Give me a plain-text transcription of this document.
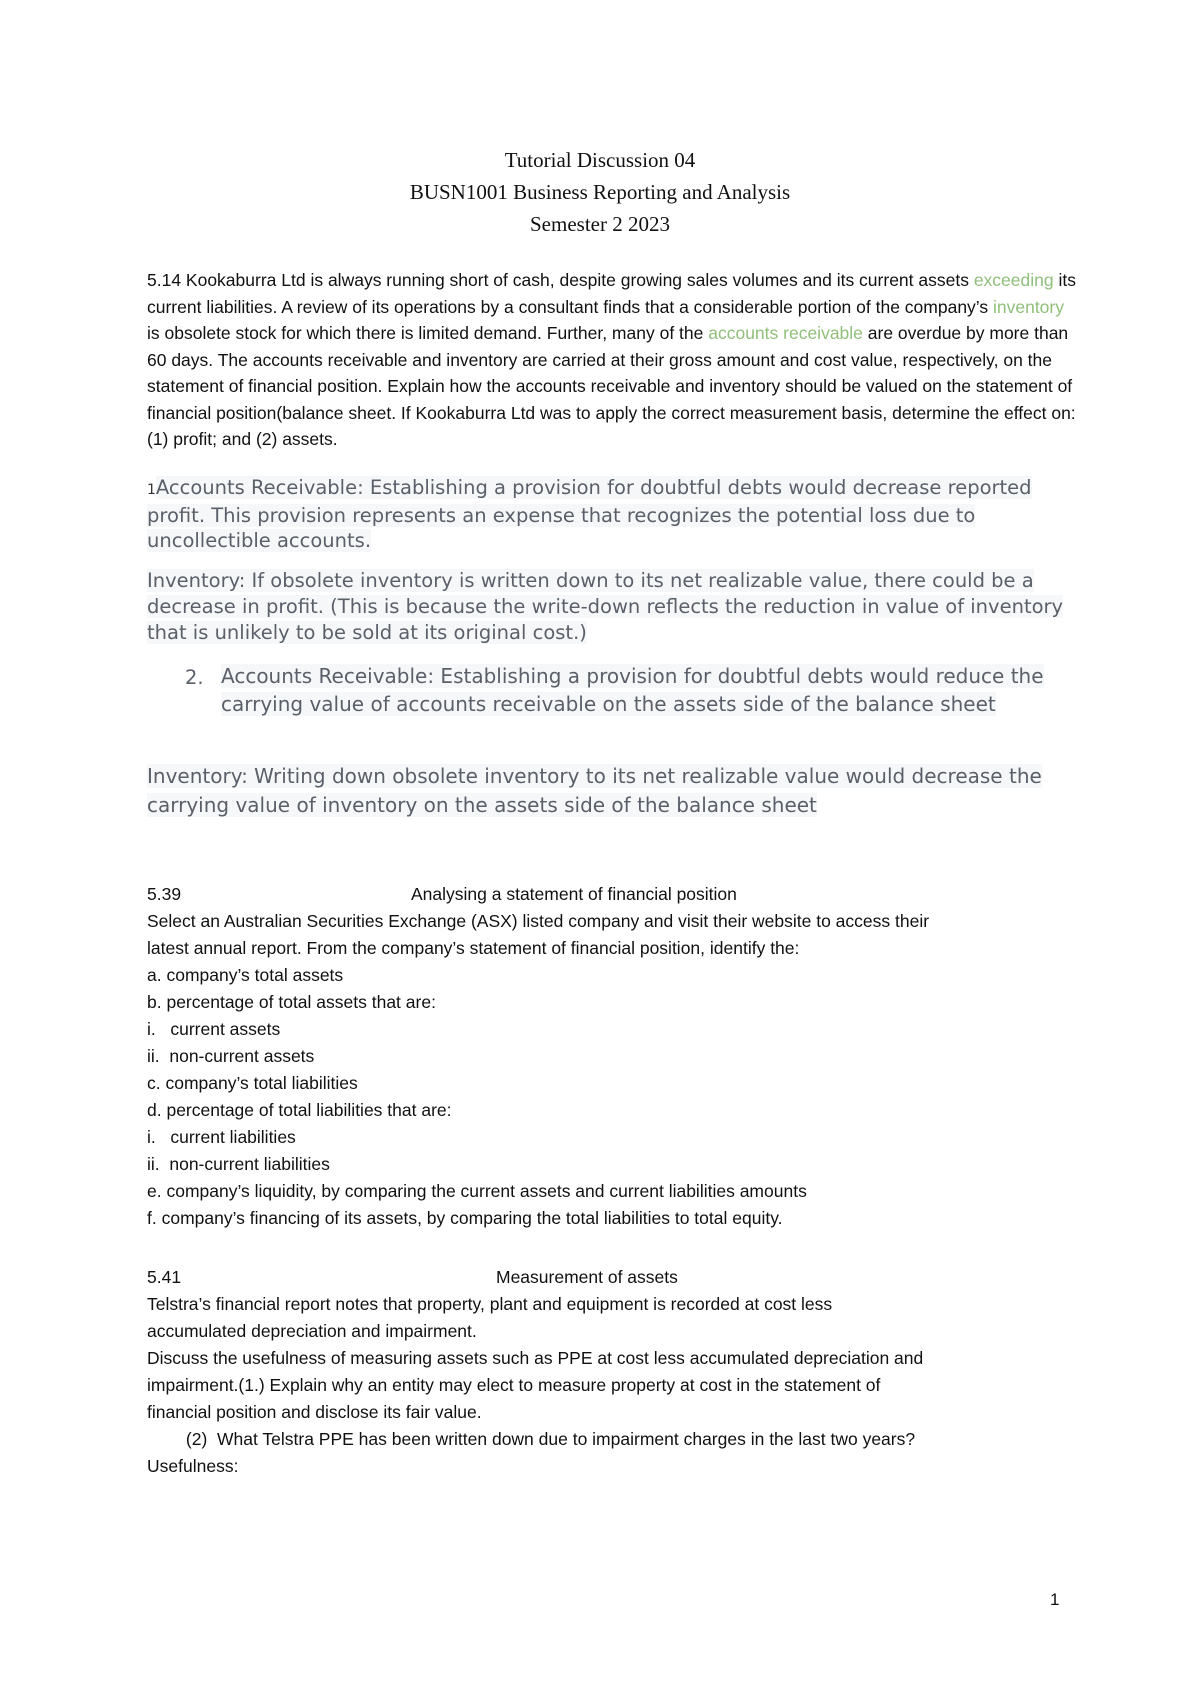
Tutorial Discussion 04
BUSN1001 Business Reporting and Analysis
Semester 2 2023

5.14 Kookaburra Ltd is always running short of cash, despite growing sales volumes and its current assets exceeding its current liabilities. A review of its operations by a consultant finds that a considerable portion of the company’s inventory is obsolete stock for which there is limited demand. Further, many of the accounts receivable are overdue by more than 60 days. The accounts receivable and inventory are carried at their gross amount and cost value, respectively, on the statement of financial position. Explain how the accounts receivable and inventory should be valued on the statement of financial position(balance sheet. If Kookaburra Ltd was to apply the correct measurement basis, determine the effect on:
(1) profit; and (2) assets.

1Accounts Receivable: Establishing a provision for doubtful debts would decrease reported profit. This provision represents an expense that recognizes the potential loss due to uncollectible accounts.

Inventory: If obsolete inventory is written down to its net realizable value, there could be a decrease in profit. (This is because the write-down reflects the reduction in value of inventory that is unlikely to be sold at its original cost.)

2. Accounts Receivable: Establishing a provision for doubtful debts would reduce the carrying value of accounts receivable on the assets side of the balance sheet

Inventory: Writing down obsolete inventory to its net realizable value would decrease the carrying value of inventory on the assets side of the balance sheet

5.39	Analysing a statement of financial position

Select an Australian Securities Exchange (ASX) listed company and visit their website to access their

latest annual report. From the company’s statement of financial position, identify the:

a. company’s total assets

b. percentage of total assets that are:

i.   current assets

ii.  non-current assets

c. company’s total liabilities

d. percentage of total liabilities that are:

i.   current liabilities

ii.  non-current liabilities

e. company’s liquidity, by comparing the current assets and current liabilities amounts

f. company’s financing of its assets, by comparing the total liabilities to total equity.

5.41	Measurement of assets

Telstra’s financial report notes that property, plant and equipment is recorded at cost less

accumulated depreciation and impairment.

Discuss the usefulness of measuring assets such as PPE at cost less accumulated depreciation and

impairment.(1.) Explain why an entity may elect to measure property at cost in the statement of

financial position and disclose its fair value.

(2)  What Telstra PPE has been written down due to impairment charges in the last two years?

Usefulness:

1
